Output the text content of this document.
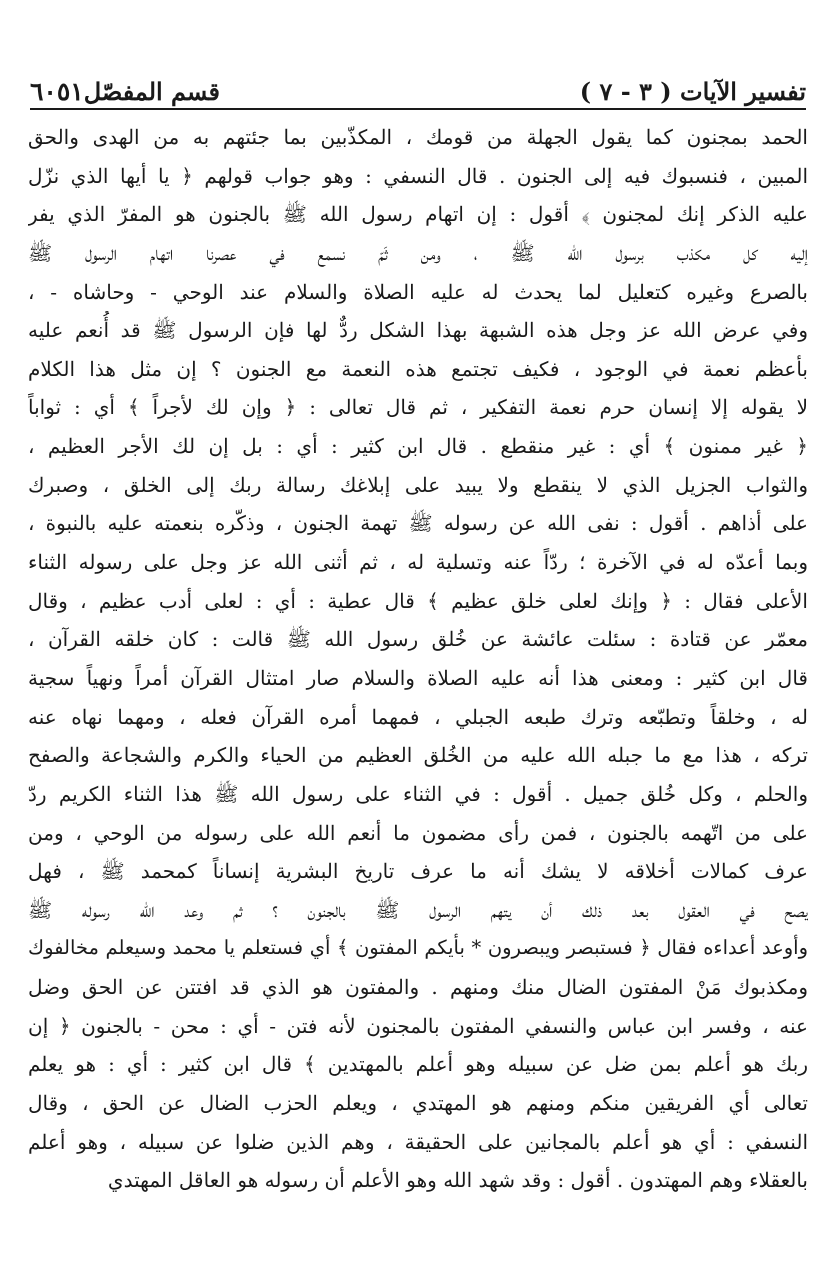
٦٠٥١ قسم المفصّل	تفسير الآيات ( ٣ - ٧ )
الحمد بمجنون كما يقول الجهلة من قومك ، المكذّبين بما جئتهم به من الهدى والحق
المبين ، فنسبوك فيه إلى الجنون . قال النسفي : وهو جواب قولهم ﴿ يا أيها الذي نزّل
عليه الذكر إنك لمجنون ﴾ أقول : إن اتهام رسول الله ﷺ بالجنون هو المفرّ الذي يفر
إليه كل مكذب برسول الله ﷺ ، ومن ثَمّ نسمع في عصرنا اتهام الرسول ﷺ
بالصرع وغيره كتعليل لما يحدث له عليه الصلاة والسلام عند الوحي - وحاشاه - ،
وفي عرض الله عز وجل هذه الشبهة بهذا الشكل ردٌّ لها فإن الرسول ﷺ قد أُنعم عليه
بأعظم نعمة في الوجود ، فكيف تجتمع هذه النعمة مع الجنون ؟ إن مثل هذا الكلام
لا يقوله إلا إنسان حرم نعمة التفكير ، ثم قال تعالى : ﴿ وإن لك لأجراً ﴾ أي : ثواباً
﴿ غير ممنون ﴾ أي : غير منقطع . قال ابن كثير : أي : بل إن لك الأجر العظيم ،
والثواب الجزيل الذي لا ينقطع ولا يبيد على إبلاغك رسالة ربك إلى الخلق ، وصبرك
على أذاهم . أقول : نفى الله عن رسوله ﷺ تهمة الجنون ، وذكّره بنعمته عليه بالنبوة ،
وبما أعدّه له في الآخرة ؛ ردّاً عنه وتسلية له ، ثم أثنى الله عز وجل على رسوله الثناء
الأعلى فقال : ﴿ وإنك لعلى خلق عظيم ﴾ قال عطية : أي : لعلى أدب عظيم ، وقال
معمّر عن قتادة : سئلت عائشة عن خُلق رسول الله ﷺ قالت : كان خلقه القرآن ،
قال ابن كثير : ومعنى هذا أنه عليه الصلاة والسلام صار امتثال القرآن أمراً ونهياً سجية
له ، وخلقاً وتطبّعه وترك طبعه الجبلي ، فمهما أمره القرآن فعله ، ومهما نهاه عنه
تركه ، هذا مع ما جبله الله عليه من الخُلق العظيم من الحياء والكرم والشجاعة والصفح
والحلم ، وكل خُلق جميل . أقول : في الثناء على رسول الله ﷺ هذا الثناء الكريم ردّ
على من اتّهمه بالجنون ، فمن رأى مضمون ما أنعم الله على رسوله من الوحي ، ومن
عرف كمالات أخلاقه لا يشك أنه ما عرف تاريخ البشرية إنساناً كمحمد ﷺ ، فهل
يصح في العقول بعد ذلك أن يتهم الرسول ﷺ بالجنون ؟ ثم وعد الله رسوله ﷺ
وأوعد أعداءه فقال ﴿ فستبصر ويبصرون * بأيكم المفتون ﴾ أي فستعلم يا محمد وسيعلم مخالفوك
ومكذبوك مَنْ المفتون الضال منك ومنهم . والمفتون هو الذي قد افتتن عن الحق وضل
عنه ، وفسر ابن عباس والنسفي المفتون بالمجنون لأنه فتن - أي : محن - بالجنون ﴿ إن
ربك هو أعلم بمن ضل عن سبيله وهو أعلم بالمهتدين ﴾ قال ابن كثير : أي : هو يعلم
تعالى أي الفريقين منكم ومنهم هو المهتدي ، ويعلم الحزب الضال عن الحق ، وقال
النسفي : أي هو أعلم بالمجانين على الحقيقة ، وهم الذين ضلوا عن سبيله ، وهو أعلم
بالعقلاء وهم المهتدون . أقول : وقد شهد الله وهو الأعلم أن رسوله هو العاقل المهتدي
